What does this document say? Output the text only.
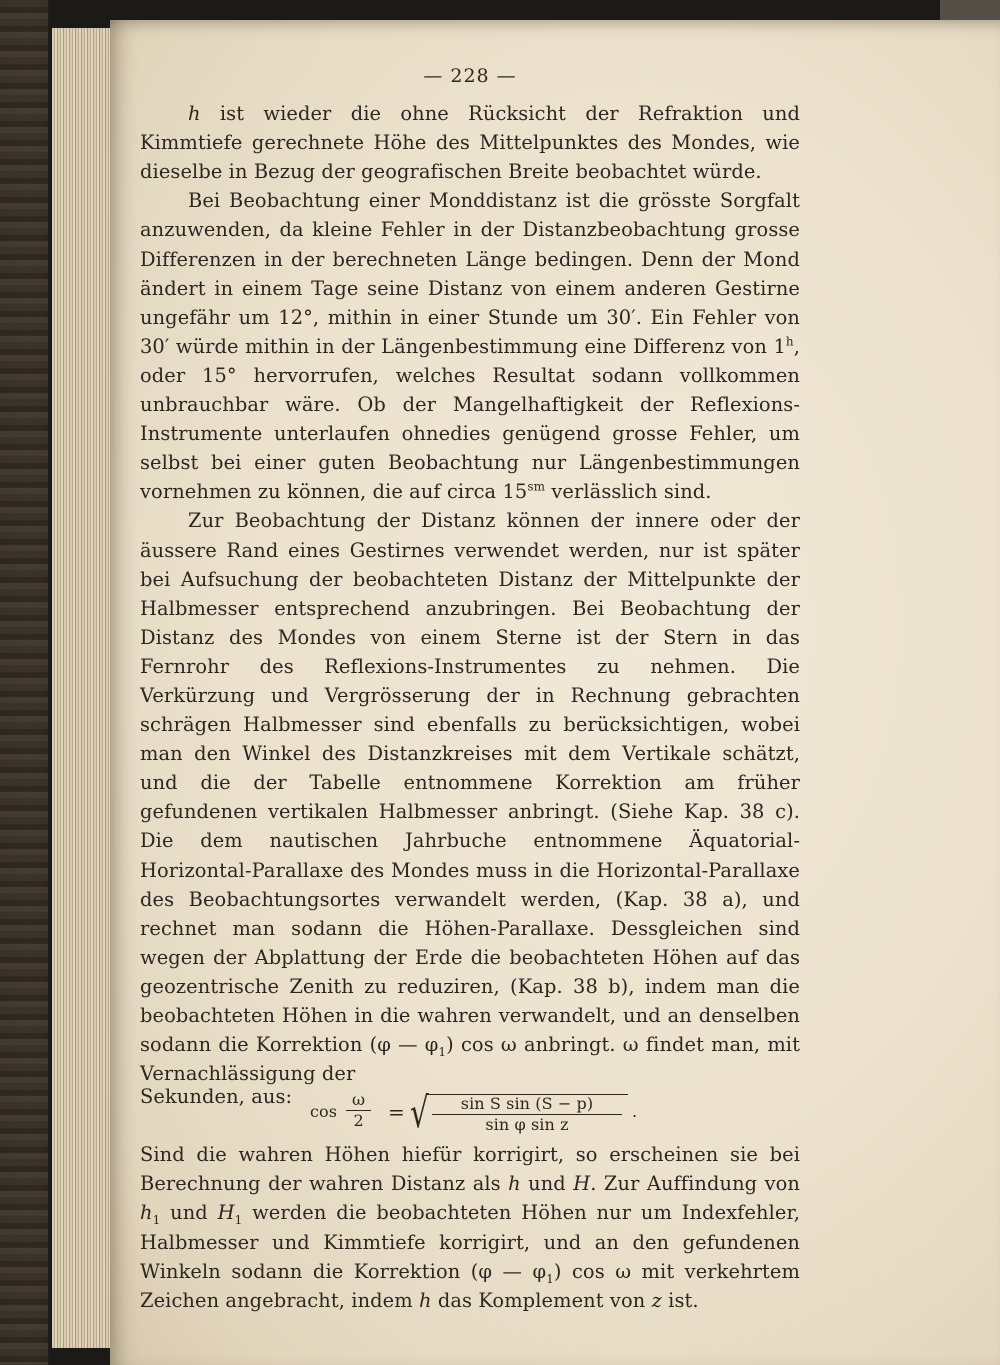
— 228 —

h ist wieder die ohne Rücksicht der Refraktion und Kimmtiefe gerechnete Höhe des Mittelpunktes des Mondes, wie dieselbe in Bezug der geografischen Breite beobachtet würde.

Bei Beobachtung einer Monddistanz ist die grösste Sorgfalt anzuwenden, da kleine Fehler in der Distanzbeobachtung grosse Differenzen in der berechneten Länge bedingen. Denn der Mond ändert in einem Tage seine Distanz von einem anderen Gestirne ungefähr um 12°, mithin in einer Stunde um 30′. Ein Fehler von 30′ würde mithin in der Längenbestimmung eine Differenz von 1$^h$, oder 15° hervorrufen, welches Resultat sodann vollkommen unbrauchbar wäre. Ob der Mangelhaftigkeit der Reflexions-Instrumente unterlaufen ohnedies genügend grosse Fehler, um selbst bei einer guten Beobachtung nur Längenbestimmungen vornehmen zu können, die auf circa $15^{sm}$ verlässlich sind.

Zur Beobachtung der Distanz können der innere oder der äussere Rand eines Gestirnes verwendet werden, nur ist später bei Aufsuchung der beobachteten Distanz der Mittelpunkte der Halbmesser entsprechend anzubringen. Bei Beobachtung der Distanz des Mondes von einem Sterne ist der Stern in das Fernrohr des Reflexions-Instrumentes zu nehmen. Die Verkürzung und Vergrösserung der in Rechnung gebrachten schrägen Halbmesser sind ebenfalls zu berücksichtigen, wobei man den Winkel des Distanzkreises mit dem Vertikale schätzt, und die der Tabelle entnommene Korrektion am früher gefundenen vertikalen Halbmesser anbringt. (Siehe Kap. 38 c). Die dem nautischen Jahrbuche entnommene Äquatorial-Horizontal-Parallaxe des Mondes muss in die Horizontal-Parallaxe des Beobachtungsortes verwandelt werden, (Kap. 38 a), und rechnet man sodann die Höhen-Parallaxe. Dessgleichen sind wegen der Abplattung der Erde die beobachteten Höhen auf das geozentrische Zenith zu reduziren, (Kap. 38 b), indem man die beobachteten Höhen in die wahren verwandelt, und an denselben sodann die Korrektion (φ — $\varphi_1$) cos ω anbringt. ω findet man, mit Vernachlässigung der

Sekunden, aus:
$\cos \frac{\omega}{2}$ = √ $\frac{\text{sin S sin (S − p)}}{\text{sin φ sin z}}$ .

Sind die wahren Höhen hiefür korrigirt, so erscheinen sie bei Berechnung der wahren Distanz als h und H. Zur Auffindung von $h_1$ und $H_1$ werden die beobachteten Höhen nur um Indexfehler, Halbmesser und Kimmtiefe korrigirt, und an den gefundenen Winkeln sodann die Korrektion (φ — $\varphi_1$) cos ω mit verkehrtem Zeichen angebracht, indem h das Komplement von z ist.
